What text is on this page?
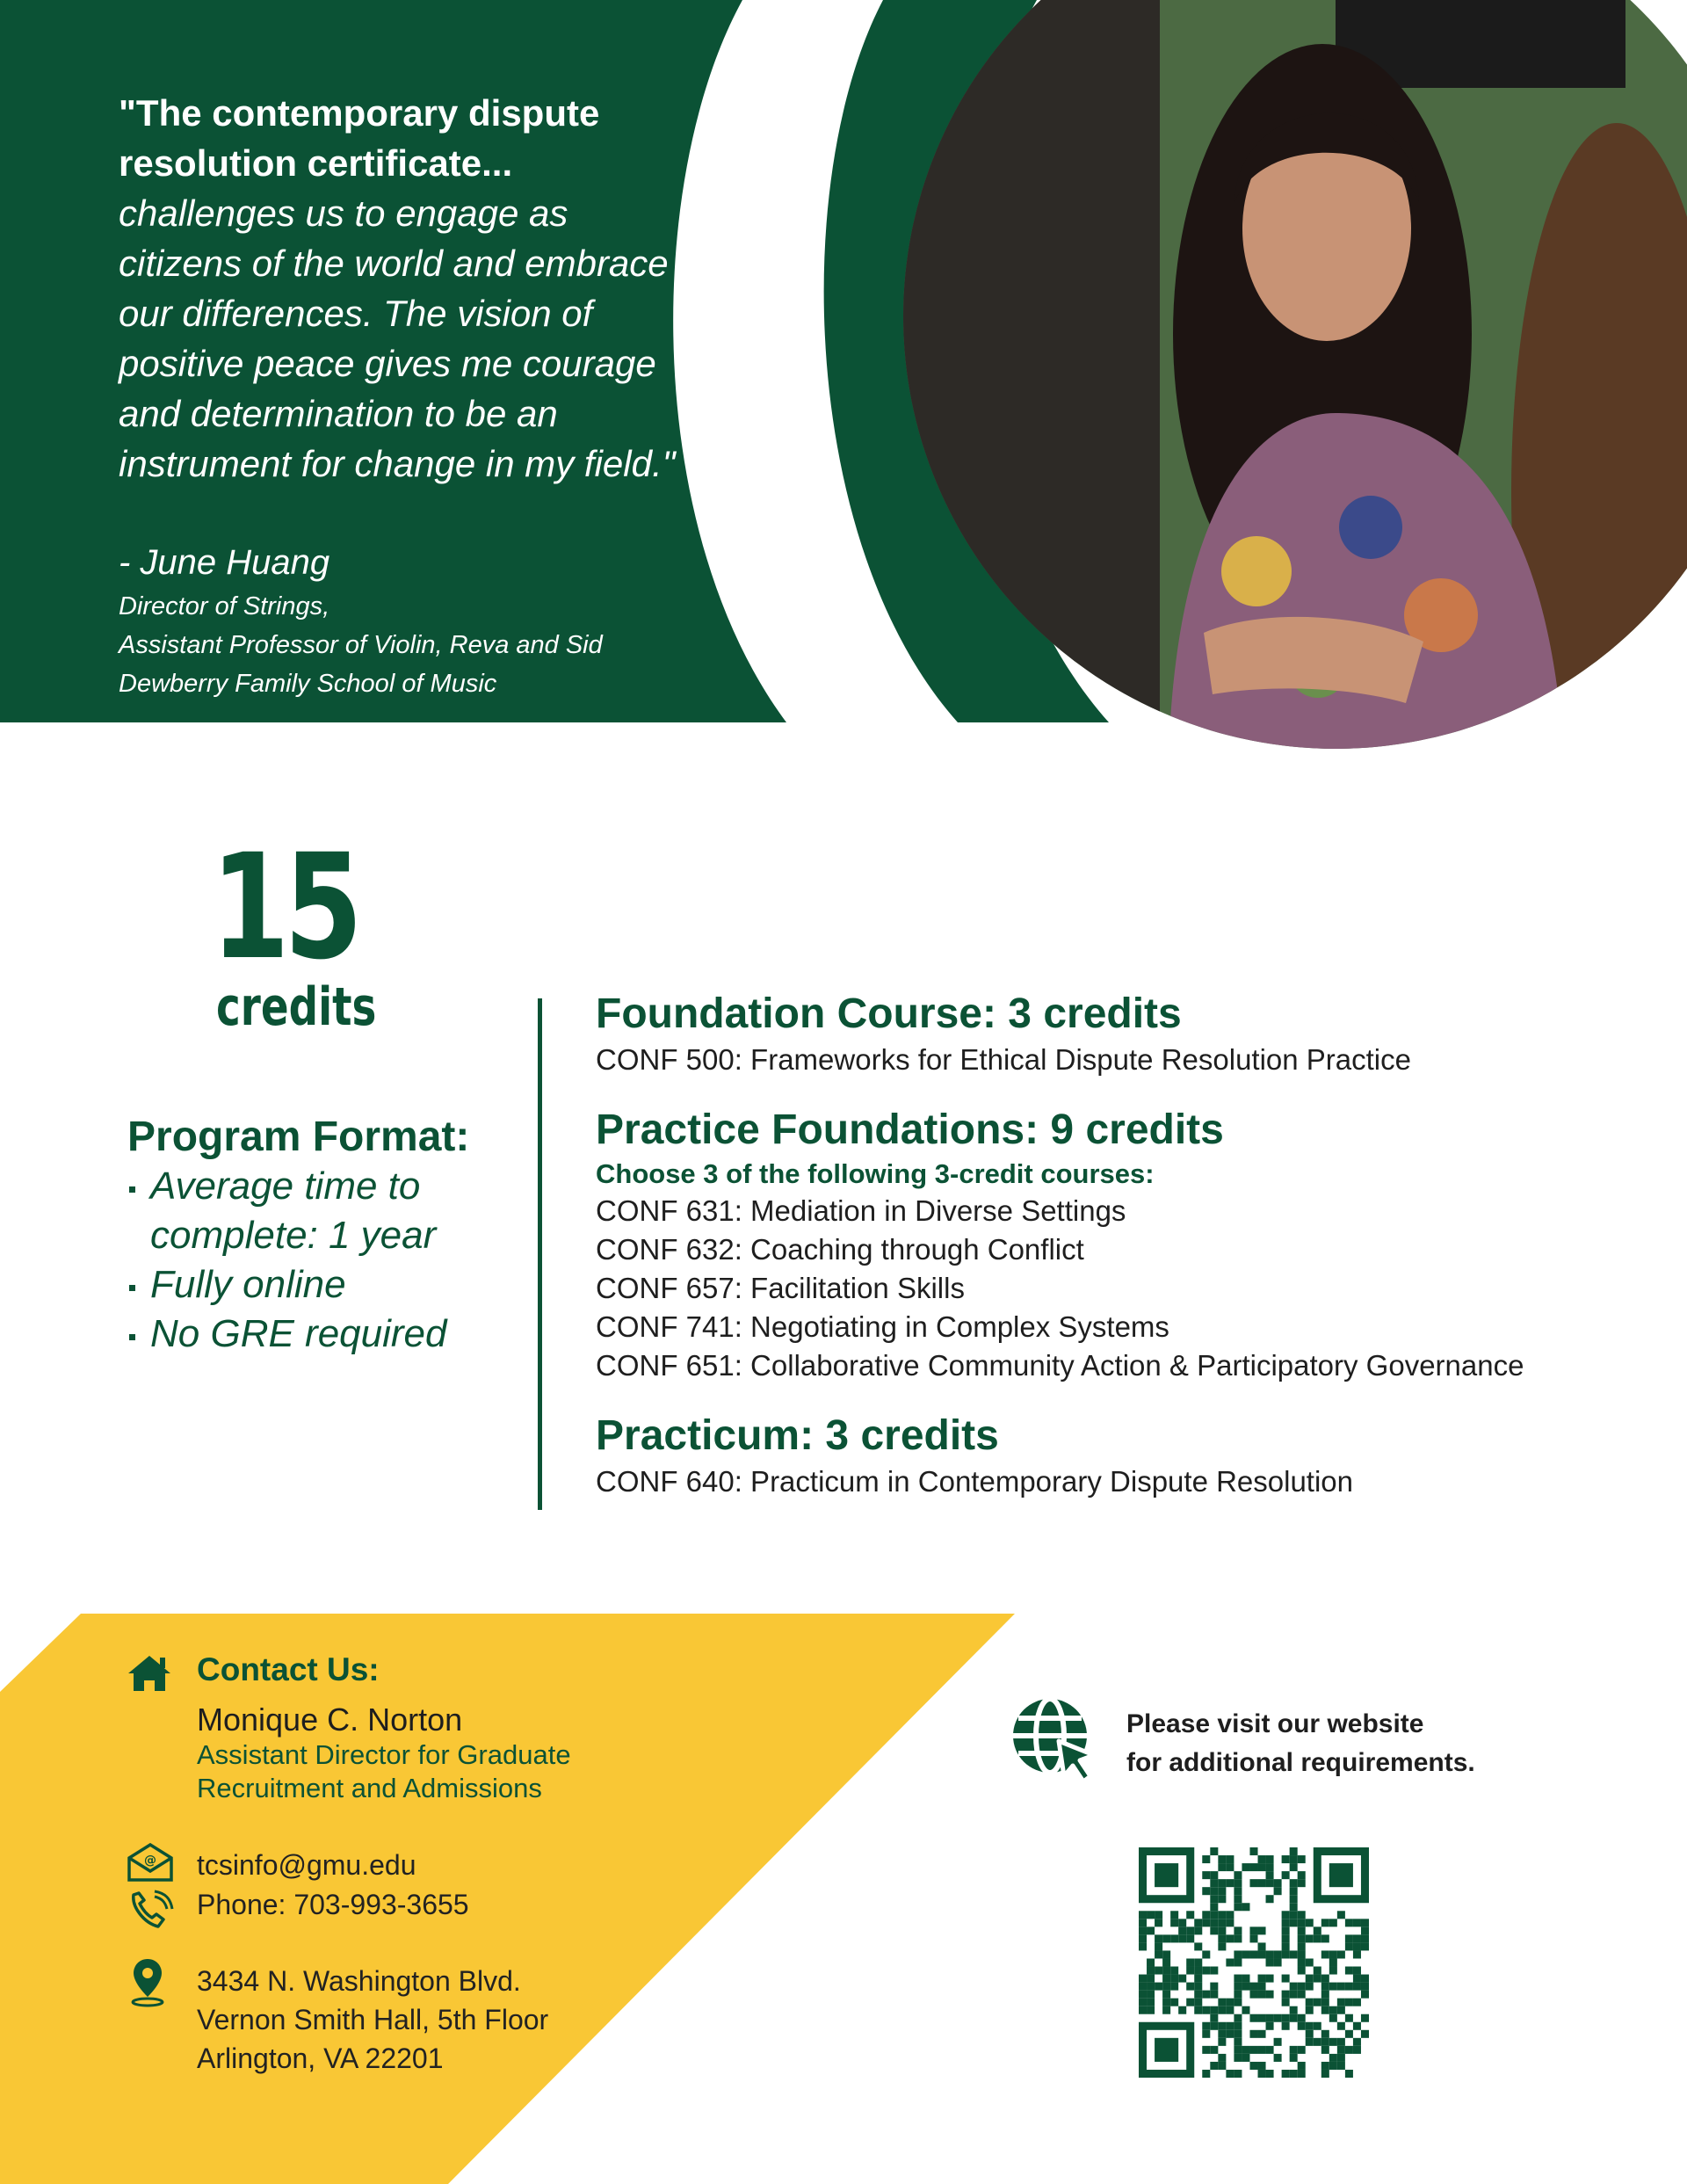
"The contemporary dispute resolution certificate...

challenges us to engage as citizens of the world and embrace our differences. The vision of positive peace gives me courage and determination to be an instrument for change in my field."

- June Huang
Director of Strings,
Assistant Professor of Violin, Reva and Sid
Dewberry Family School of Music
15
credits
Program Format:
Average time to complete: 1 year
Fully online
No GRE required

Foundation Course: 3 credits

CONF 500: Frameworks for Ethical Dispute Resolution Practice

Practice Foundations: 9 credits

Choose 3 of the following 3-credit courses:

CONF 631: Mediation in Diverse Settings

CONF 632: Coaching through Conflict

CONF 657: Facilitation Skills

CONF 741: Negotiating in Complex Systems

CONF 651: Collaborative Community Action & Participatory Governance

Practicum: 3 credits

CONF 640: Practicum in Contemporary Dispute Resolution

Contact Us:
Monique C. Norton
Assistant Director for Graduate
Recruitment and Admissions
@ tcsinfo@gmu.edu
Phone: 703-993-3655
3434 N. Washington Blvd.
Vernon Smith Hall, 5th Floor
Arlington, VA 22201
Please visit our website
for additional requirements.
